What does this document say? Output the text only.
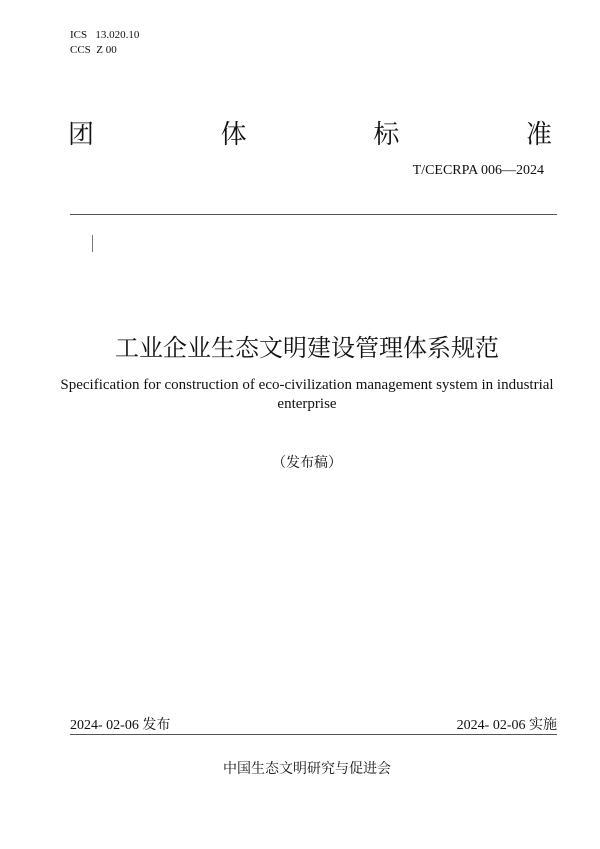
ICS   13.020.10
CCS  Z 00
团	体	标	准
T/CECRPA 006—2024
工业企业生态文明建设管理体系规范
Specification for construction of eco-civilization management system in industrial enterprise
（发布稿）
2024- 02-06 发布	2024- 02-06 实施
中国生态文明研究与促进会
